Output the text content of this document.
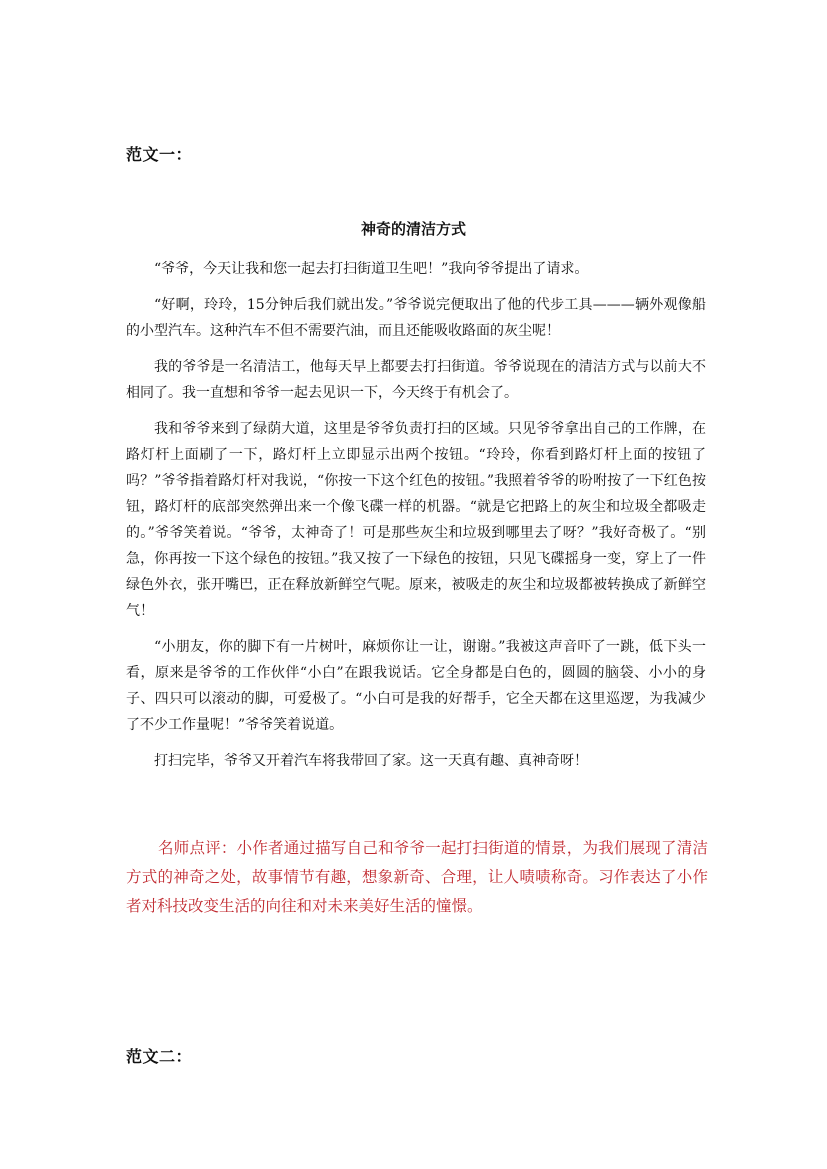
范文一：
神奇的清洁方式

“爷爷，今天让我和您一起去打扫街道卫生吧！”我向爷爷提出了请求。

“好啊，玲玲，15分钟后我们就出发。”爷爷说完便取出了他的代步工具———辆外观像船的小型汽车。这种汽车不但不需要汽油，而且还能吸收路面的灰尘呢！

我的爷爷是一名清洁工，他每天早上都要去打扫街道。爷爷说现在的清洁方式与以前大不相同了。我一直想和爷爷一起去见识一下，今天终于有机会了。

我和爷爷来到了绿荫大道，这里是爷爷负责打扫的区域。只见爷爷拿出自己的工作牌，在路灯杆上面刷了一下，路灯杆上立即显示出两个按钮。“玲玲，你看到路灯杆上面的按钮了吗？”爷爷指着路灯杆对我说，“你按一下这个红色的按钮。”我照着爷爷的吩咐按了一下红色按钮，路灯杆的底部突然弹出来一个像飞碟一样的机器。“就是它把路上的灰尘和垃圾全都吸走的。”爷爷笑着说。“爷爷，太神奇了！可是那些灰尘和垃圾到哪里去了呀？”我好奇极了。“别急，你再按一下这个绿色的按钮。”我又按了一下绿色的按钮，只见飞碟摇身一变，穿上了一件绿色外衣，张开嘴巴，正在释放新鲜空气呢。原来，被吸走的灰尘和垃圾都被转换成了新鲜空气！

“小朋友，你的脚下有一片树叶，麻烦你让一让，谢谢。”我被这声音吓了一跳，低下头一看，原来是爷爷的工作伙伴“小白”在跟我说话。它全身都是白色的，圆圆的脑袋、小小的身子、四只可以滚动的脚，可爱极了。“小白可是我的好帮手，它全天都在这里巡逻，为我减少了不少工作量呢！”爷爷笑着说道。

打扫完毕，爷爷又开着汽车将我带回了家。这一天真有趣、真神奇呀！

名师点评：小作者通过描写自己和爷爷一起打扫街道的情景，为我们展现了清洁方式的神奇之处，故事情节有趣，想象新奇、合理，让人啧啧称奇。习作表达了小作者对科技改变生活的向往和对未来美好生活的憧憬。

范文二：
